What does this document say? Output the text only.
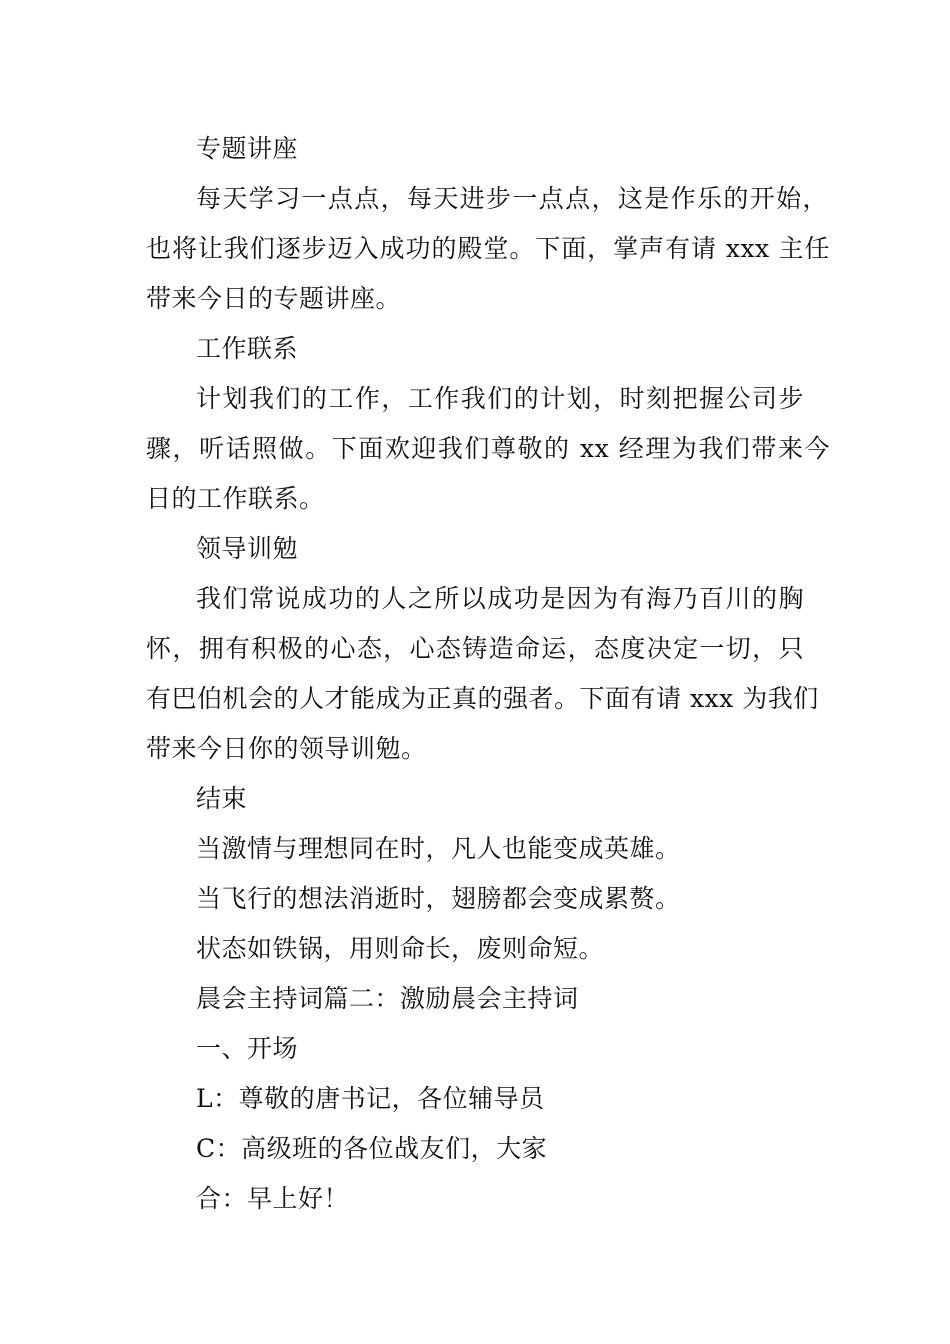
专题讲座

每天学习一点点，每天进步一点点，这是作乐的开始，

也将让我们逐步迈入成功的殿堂。下面，掌声有请 xxx 主任

带来今日的专题讲座。

工作联系

计划我们的工作，工作我们的计划，时刻把握公司步

骤，听话照做。下面欢迎我们尊敬的 xx 经理为我们带来今

日的工作联系。

领导训勉

我们常说成功的人之所以成功是因为有海乃百川的胸

怀，拥有积极的心态，心态铸造命运，态度决定一切，只

有巴伯机会的人才能成为正真的强者。下面有请 xxx 为我们

带来今日你的领导训勉。

结束

当激情与理想同在时，凡人也能变成英雄。

当飞行的想法消逝时，翅膀都会变成累赘。

状态如铁锅，用则命长，废则命短。

晨会主持词篇二：激励晨会主持词

一、开场

L：尊敬的唐书记，各位辅导员

C：高级班的各位战友们，大家

合：早上好！
